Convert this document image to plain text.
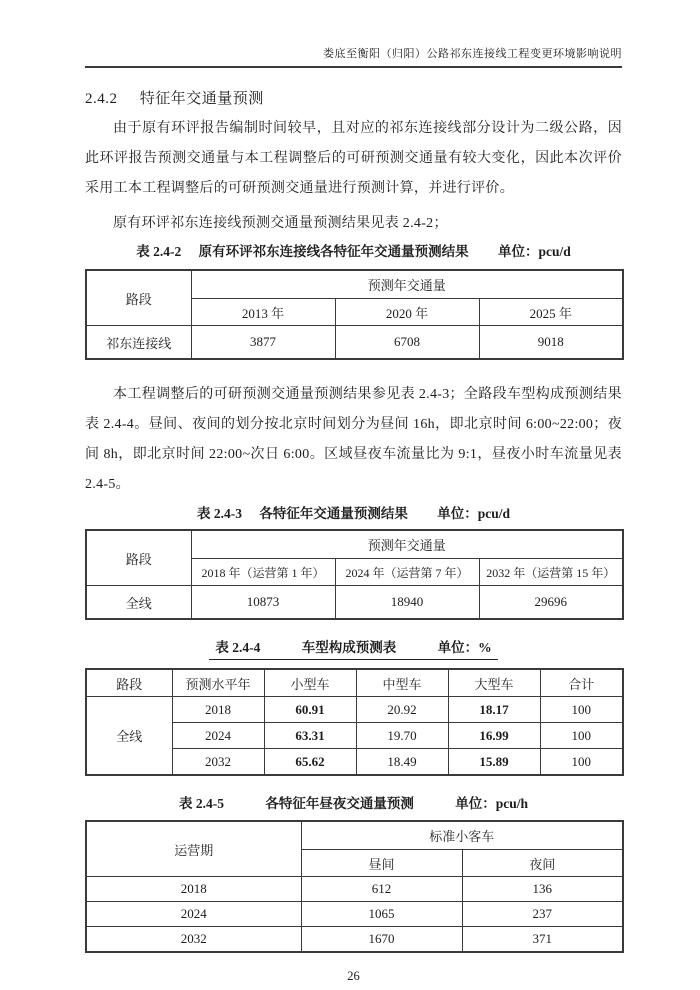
娄底至衡阳（归阳）公路祁东连接线工程变更环境影响说明
2.4.2 特征年交通量预测

由于原有环评报告编制时间较早，且对应的祁东连接线部分设计为二级公路，因此环评报告预测交通量与本工程调整后的可研预测交通量有较大变化，因此本次评价采用工本工程调整后的可研预测交通量进行预测计算，并进行评价。

原有环评祁东连接线预测交通量预测结果见表 2.4-2；

表 2.4-2 原有环评祁东连接线各特征年交通量预测结果 单位：pcu/d
路段	预测年交通量		
	2013 年	2020 年	2025 年
祁东连接线	3877	6708	9018

本工程调整后的可研预测交通量预测结果参见表 2.4-3；全路段车型构成预测结果表 2.4-4。昼间、夜间的划分按北京时间划分为昼间 16h，即北京时间 6:00~22:00；夜间 8h，即北京时间 22:00~次日 6:00。区域昼夜车流量比为 9:1，昼夜小时车流量见表 2.4-5。

表 2.4-3 各特征年交通量预测结果 单位：pcu/d
路段	预测年交通量		
	2018 年（运营第 1 年）	2024 年（运营第 7 年）	2032 年（运营第 15 年）
全线	10873	18940	29696
表 2.4-4	车型构成预测表	单位：%
路段	预测水平年	小型车	中型车	大型车	合计
全线	2018	60.91	20.92	18.17	100
	2024	63.31	19.70	16.99	100
	2032	65.62	18.49	15.89	100
表 2.4-5	各特征年昼夜交通量预测	单位：pcu/h
运营期	标准小客车	
	昼间	夜间
2018	612	136
2024	1065	237
2032	1670	371
26
